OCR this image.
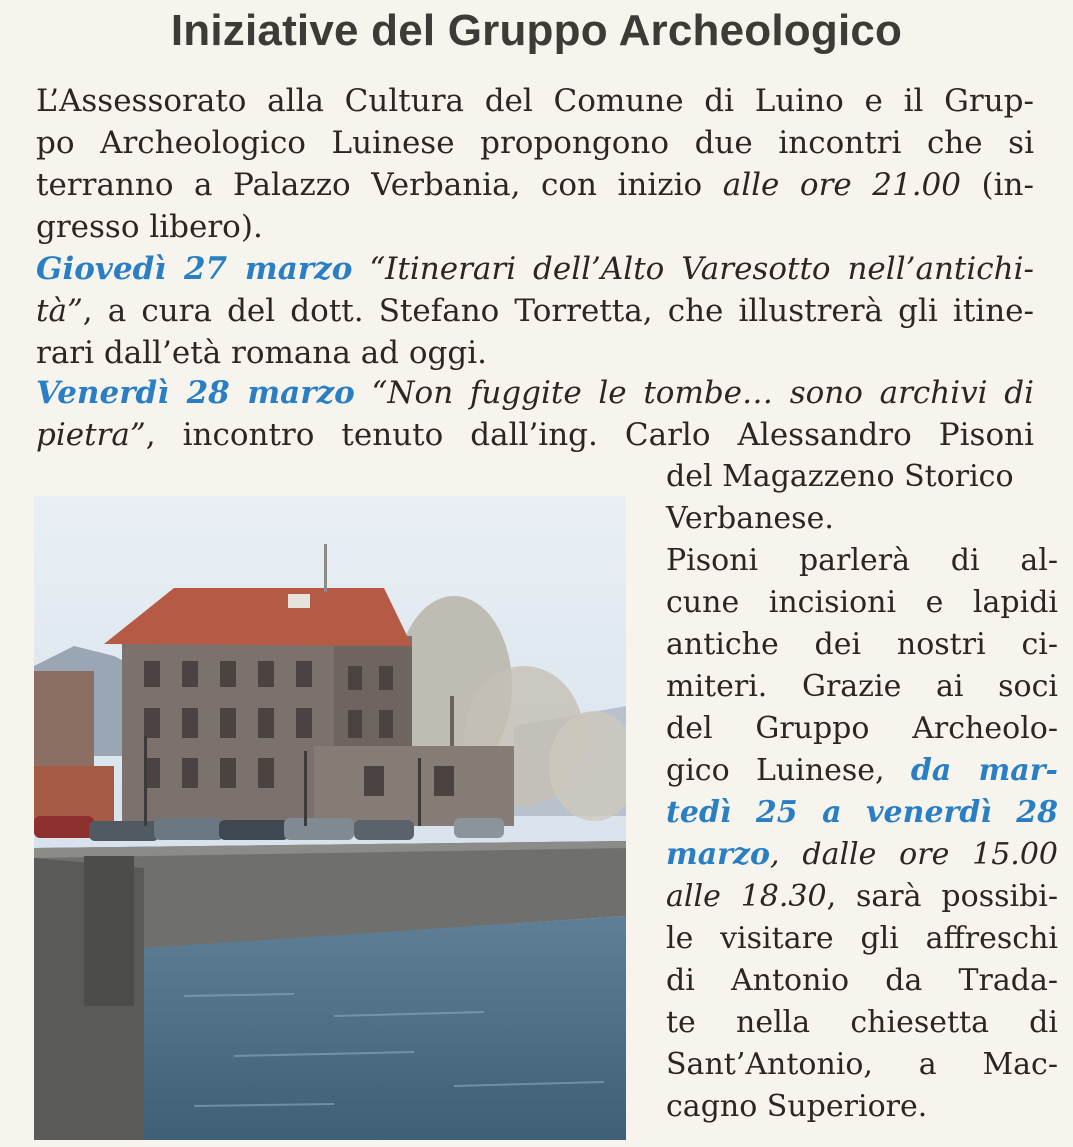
Iniziative del Gruppo Archeologico
L’Assessorato alla Cultura del Comune di Luino e il Grup-
po Archeologico Luinese propongono due incontri che si
terranno a Palazzo Verbania, con inizio alle ore 21.00 (in-
gresso libero).
Giovedì 27 marzo “Itinerari dell’Alto Varesotto nell’antichi-
tà”, a cura del dott. Stefano Torretta, che illustrerà gli itine-
rari dall’età romana ad oggi.
Venerdì 28 marzo “Non fuggite le tombe… sono archivi di
pietra”, incontro tenuto dall’ing. Carlo Alessandro Pisoni
del Magazzeno Storico
Verbanese.
Pisoni parlerà di al-
cune incisioni e lapidi
antiche dei nostri ci-
miteri. Grazie ai soci
del Gruppo Archeolo-
gico Luinese, da mar-
tedì 25 a venerdì 28
marzo, dalle ore 15.00
alle 18.30, sarà possibi-
le visitare gli affreschi
di Antonio da Trada-
te nella chiesetta di
Sant’Antonio, a Mac-
cagno Superiore.
